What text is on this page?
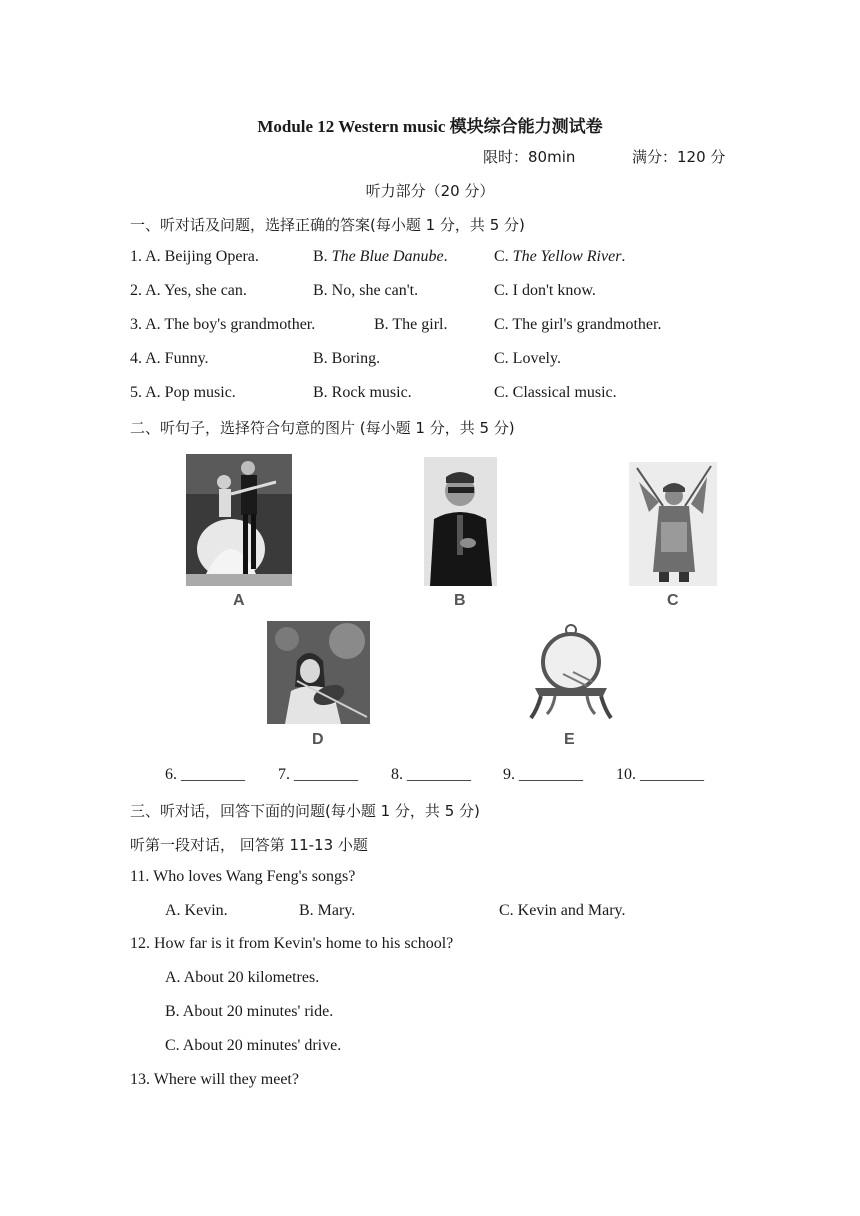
Module 12 Western music 模块综合能力测试卷
限时：80min	满分：120 分
听力部分（20 分）
一、听对话及问题，选择正确的答案(每小题 1 分，共 5 分)
1. A. Beijing Opera.	B. The Blue Danube.	C. The Yellow River.
2. A. Yes, she can.	B. No, she can't.	C. I don't know.
3. A. The boy's grandmother.	B. The girl.	C. The girl's grandmother.
4. A. Funny.	B. Boring.	C. Lovely.
5. A. Pop music.	B. Rock music.	C. Classical music.
二、听句子，选择符合句意的图片 (每小题 1 分，共 5 分)
A	B	C
D	E
6. ________ 7. ________ 8. ________ 9. ________ 10. ________
三、听对话，回答下面的问题(每小题 1 分，共 5 分)
听第一段对话， 回答第 11-13 小题
11. Who loves Wang Feng's songs?
A. Kevin.	B. Mary.	C. Kevin and Mary.
12. How far is it from Kevin's home to his school?
A. About 20 kilometres.
B. About 20 minutes' ride.
C. About 20 minutes' drive.
13. Where will they meet?
